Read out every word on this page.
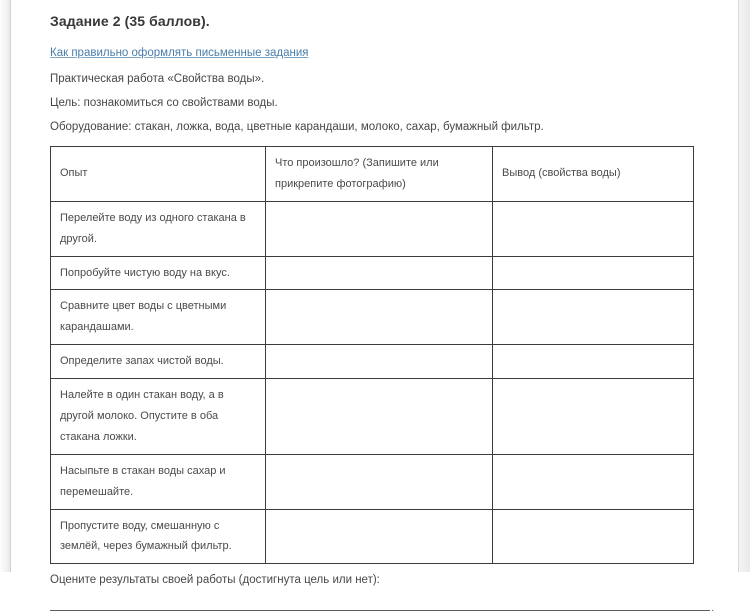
Задание 2 (35 баллов).
Как правильно оформлять письменные задания

Практическая работа «Свойства воды».

Цель: познакомиться со свойствами воды.

Оборудование: стакан, ложка, вода, цветные карандаши, молоко, сахар, бумажный фильтр.

Опыт	Что произошло? (Запишите или прикрепите фотографию)	Вывод (свойства воды)
Перелейте воду из одного стакана в другой.		
Попробуйте чистую воду на вкус.		
Сравните цвет воды с цветными карандашами.		
Определите запах чистой воды.		
Налейте в один стакан воду, а в другой молоко. Опустите в оба стакана ложки.		
Насыпьте в стакан воды сахар и перемешайте.		
Пропустите воду, смешанную с землёй, через бумажный фильтр.		

Оцените результаты своей работы (достигнута цель или нет):

.
